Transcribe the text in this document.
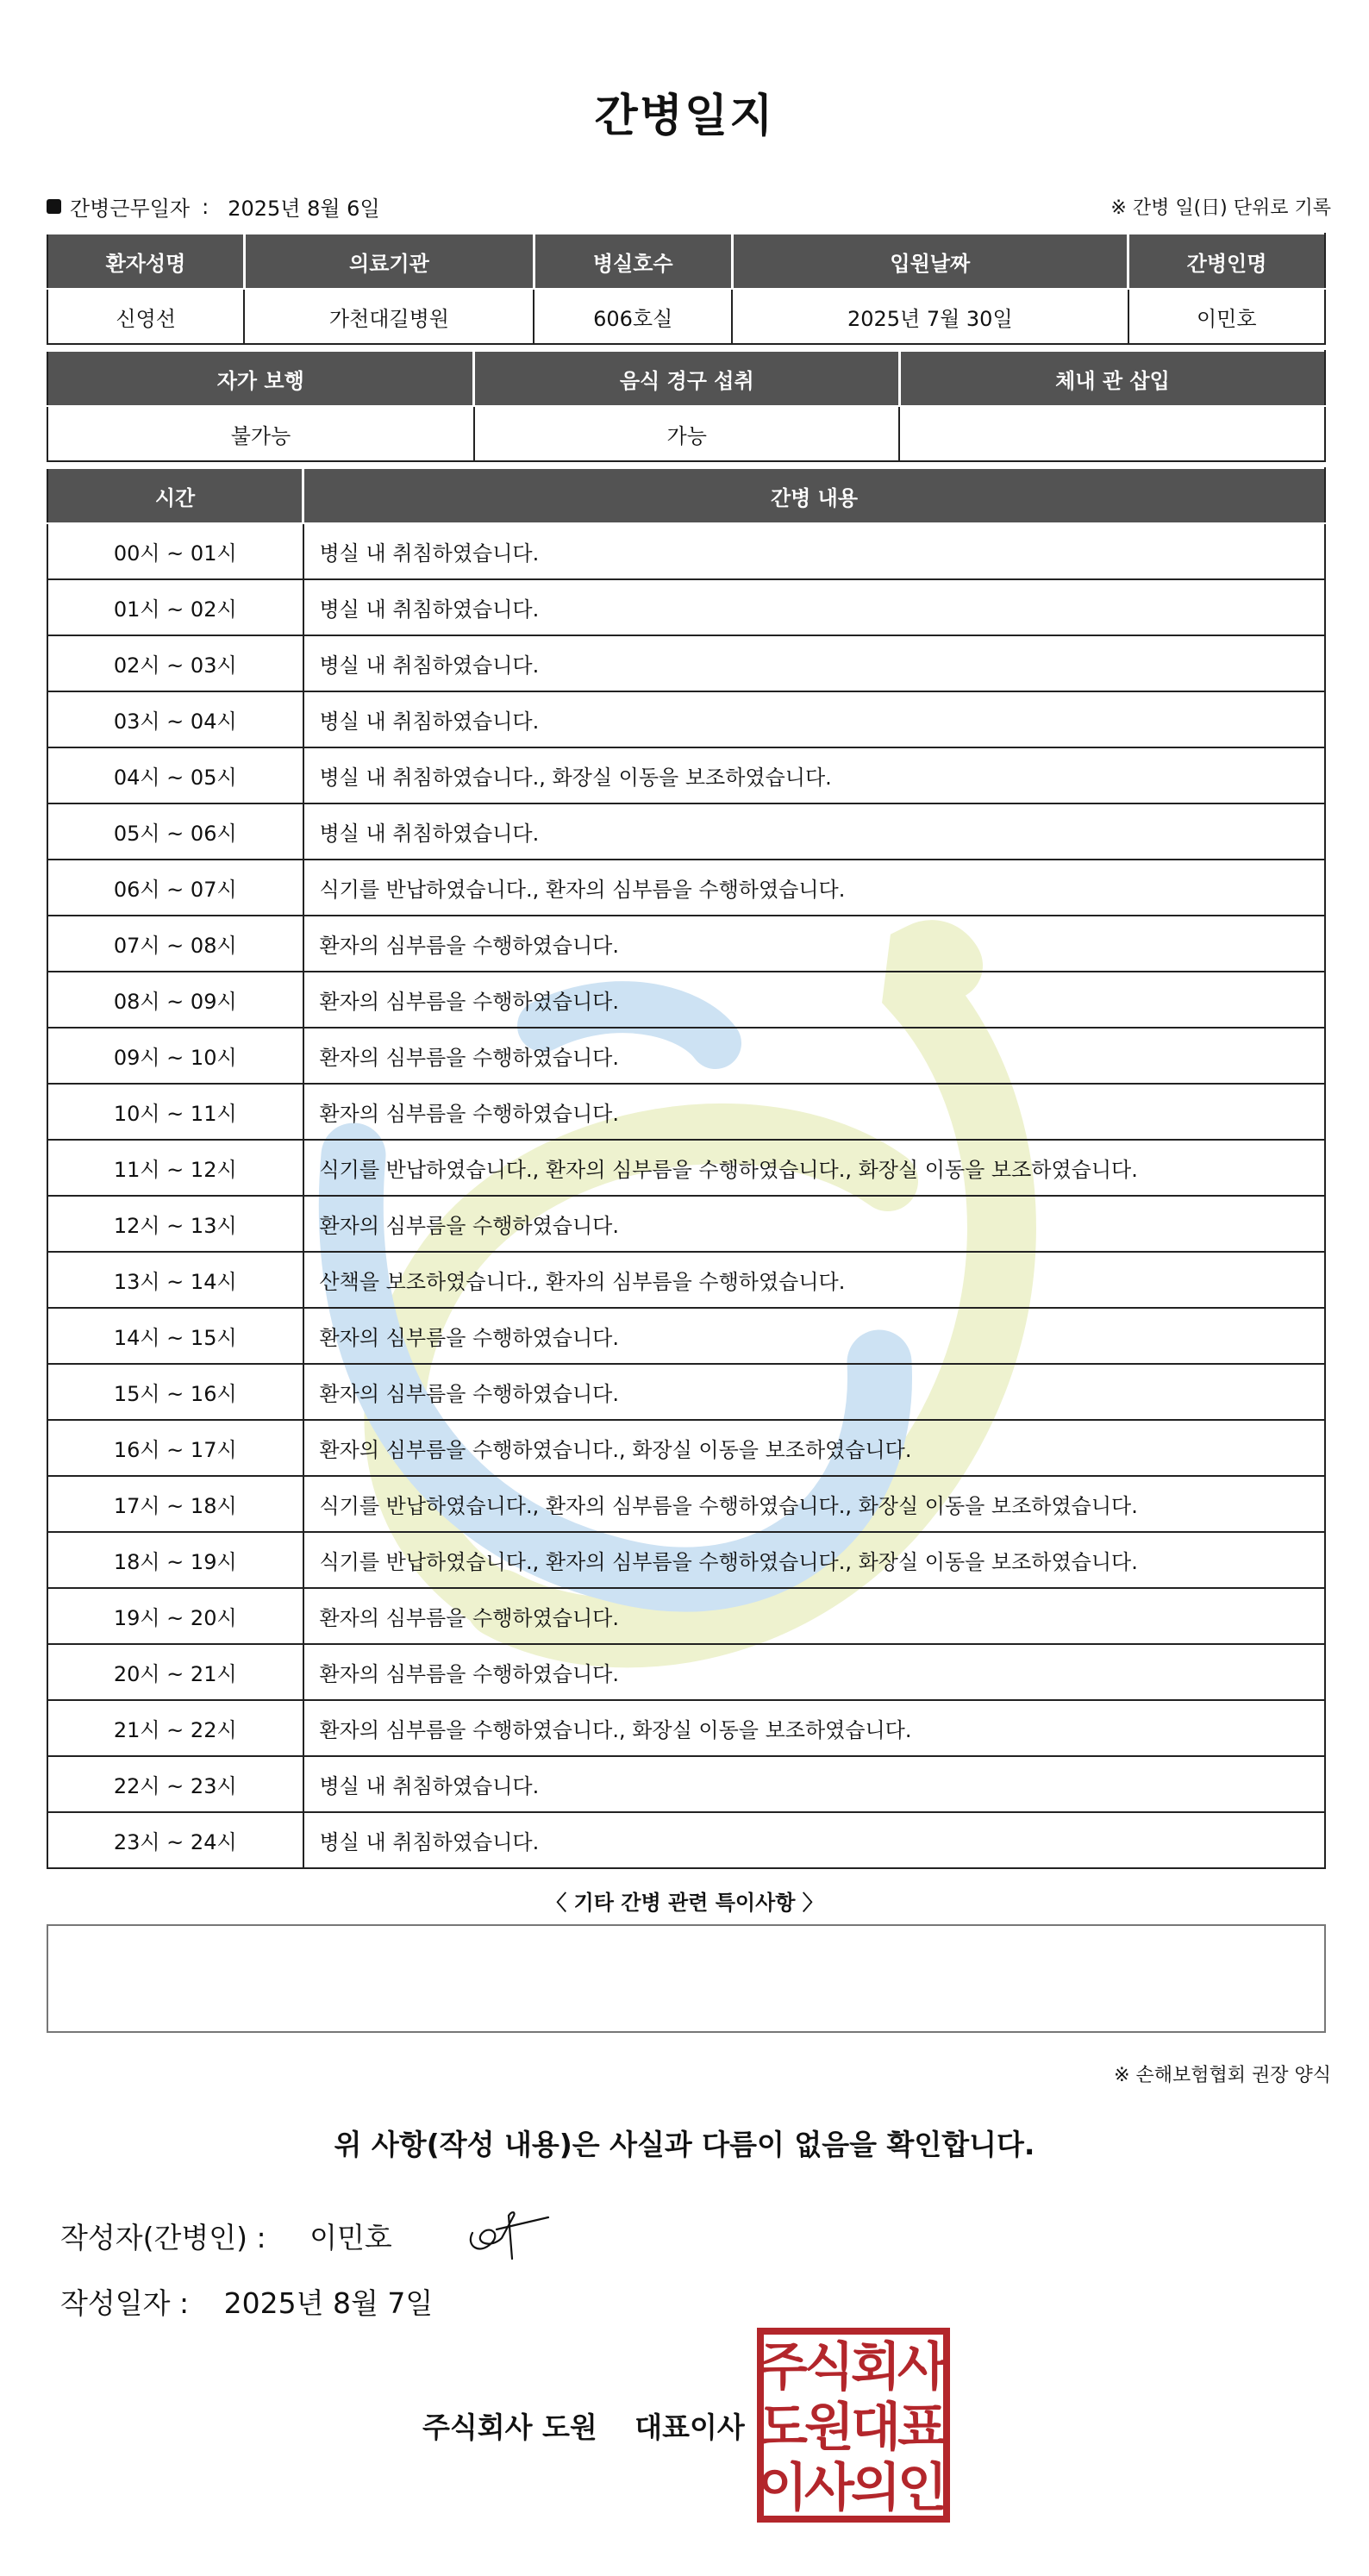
간병일지
간병근무일자 : 2025년 8월 6일	※ 간병 일(日) 단위로 기록
환자성명	의료기관	병실호수	입원날짜	간병인명
신영선	가천대길병원	606호실	2025년 7월 30일	이민호
자가 보행	음식 경구 섭취	체내 관 삽입
불가능	가능	
시간	간병 내용
00시 ~ 01시	병실 내 취침하였습니다.
01시 ~ 02시	병실 내 취침하였습니다.
02시 ~ 03시	병실 내 취침하였습니다.
03시 ~ 04시	병실 내 취침하였습니다.
04시 ~ 05시	병실 내 취침하였습니다., 화장실 이동을 보조하였습니다.
05시 ~ 06시	병실 내 취침하였습니다.
06시 ~ 07시	식기를 반납하였습니다., 환자의 심부름을 수행하였습니다.
07시 ~ 08시	환자의 심부름을 수행하였습니다.
08시 ~ 09시	환자의 심부름을 수행하였습니다.
09시 ~ 10시	환자의 심부름을 수행하였습니다.
10시 ~ 11시	환자의 심부름을 수행하였습니다.
11시 ~ 12시	식기를 반납하였습니다., 환자의 심부름을 수행하였습니다., 화장실 이동을 보조하였습니다.
12시 ~ 13시	환자의 심부름을 수행하였습니다.
13시 ~ 14시	산책을 보조하였습니다., 환자의 심부름을 수행하였습니다.
14시 ~ 15시	환자의 심부름을 수행하였습니다.
15시 ~ 16시	환자의 심부름을 수행하였습니다.
16시 ~ 17시	환자의 심부름을 수행하였습니다., 화장실 이동을 보조하였습니다.
17시 ~ 18시	식기를 반납하였습니다., 환자의 심부름을 수행하였습니다., 화장실 이동을 보조하였습니다.
18시 ~ 19시	식기를 반납하였습니다., 환자의 심부름을 수행하였습니다., 화장실 이동을 보조하였습니다.
19시 ~ 20시	환자의 심부름을 수행하였습니다.
20시 ~ 21시	환자의 심부름을 수행하였습니다.
21시 ~ 22시	환자의 심부름을 수행하였습니다., 화장실 이동을 보조하였습니다.
22시 ~ 23시	병실 내 취침하였습니다.
23시 ~ 24시	병실 내 취침하였습니다.
〈 기타 간병 관련 특이사항 〉
※ 손해보험협회 권장 양식
위 사항(작성 내용)은 사실과 다름이 없음을 확인합니다.
작성자(간병인) : 이민호
작성일자 : 2025년 8월 7일
주식회사 도원 대표이사
주
식
회
사
도
원
대
표
이
사
의
인
